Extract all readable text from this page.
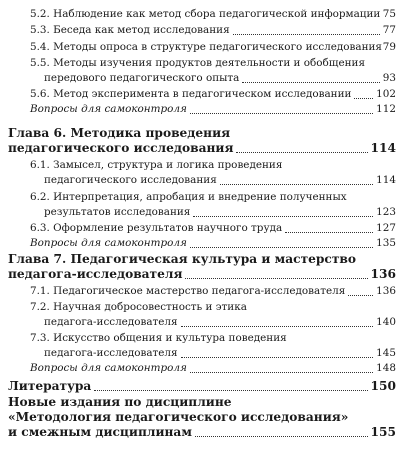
5.2. Наблюдение как метод сбора педагогической информации 75
5.3. Беседа как метод исследования	77
5.4. Методы опроса в структуре педагогического исследования 79
5.5. Методы изучения продуктов деятельности и обобщения
передового педагогического опыта	93
5.6. Метод эксперимента в педагогическом исследовании 102
Вопросы для самоконтроля	112
Глава 6. Методика проведения
педагогического исследования	114
6.1. Замысел, структура и логика проведения
педагогического исследования	114
6.2. Интерпретация, апробация и внедрение полученных
результатов исследования	123
6.3. Оформление результатов научного труда	127
Вопросы для самоконтроля	135
Глава 7. Педагогическая культура и мастерство
педагога-исследователя	136
7.1. Педагогическое мастерство педагога-исследователя	136
7.2. Научная добросовестность и этика
педагога-исследователя	140
7.3. Искусство общения и культура поведения
педагога-исследователя	145
Вопросы для самоконтроля	148
Литература	150
Новые издания по дисциплине
«Методология педагогического исследования»
и смежным дисциплинам	155
